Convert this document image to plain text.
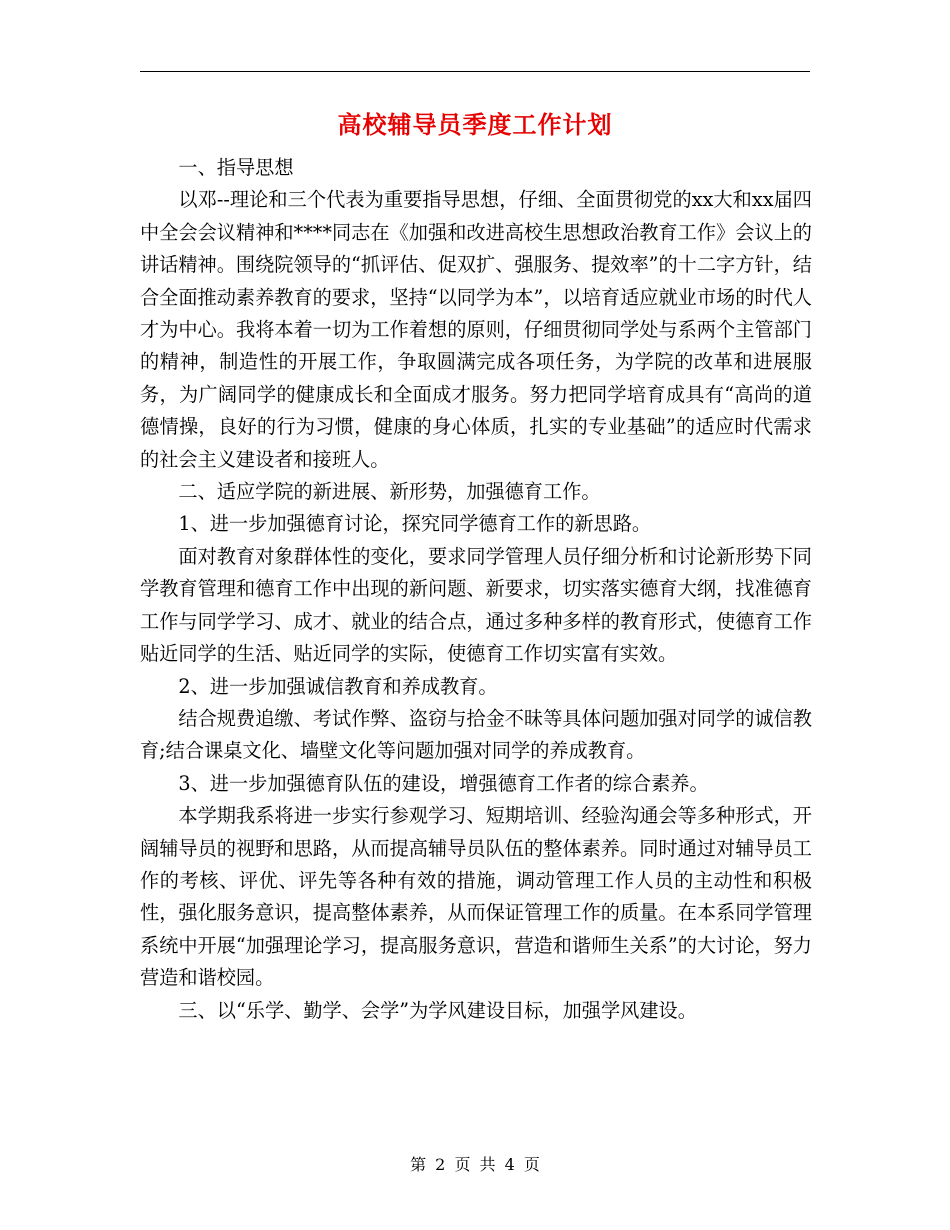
高校辅导员季度工作计划

一、指导思想

以邓--理论和三个代表为重要指导思想，仔细、全面贯彻党的xx大和xx届四中全会会议精神和****同志在《加强和改进高校生思想政治教育工作》会议上的讲话精神。围绕院领导的“抓评估、促双扩、强服务、提效率”的十二字方针，结合全面推动素养教育的要求，坚持“以同学为本”，以培育适应就业市场的时代人才为中心。我将本着一切为工作着想的原则，仔细贯彻同学处与系两个主管部门的精神，制造性的开展工作，争取圆满完成各项任务，为学院的改革和进展服务，为广阔同学的健康成长和全面成才服务。努力把同学培育成具有“高尚的道德情操，良好的行为习惯，健康的身心体质，扎实的专业基础”的适应时代需求的社会主义建设者和接班人。

二、适应学院的新进展、新形势，加强德育工作。

1、进一步加强德育讨论，探究同学德育工作的新思路。

面对教育对象群体性的变化，要求同学管理人员仔细分析和讨论新形势下同学教育管理和德育工作中出现的新问题、新要求，切实落实德育大纲，找准德育工作与同学学习、成才、就业的结合点，通过多种多样的教育形式，使德育工作贴近同学的生活、贴近同学的实际，使德育工作切实富有实效。

2、进一步加强诚信教育和养成教育。

结合规费追缴、考试作弊、盗窃与拾金不昧等具体问题加强对同学的诚信教育;结合课桌文化、墙壁文化等问题加强对同学的养成教育。

3、进一步加强德育队伍的建设，增强德育工作者的综合素养。

本学期我系将进一步实行参观学习、短期培训、经验沟通会等多种形式，开阔辅导员的视野和思路，从而提高辅导员队伍的整体素养。同时通过对辅导员工作的考核、评优、评先等各种有效的措施，调动管理工作人员的主动性和积极性，强化服务意识，提高整体素养，从而保证管理工作的质量。在本系同学管理系统中开展“加强理论学习，提高服务意识，营造和谐师生关系”的大讨论，努力营造和谐校园。

三、以“乐学、勤学、会学”为学风建设目标，加强学风建设。

第 2 页 共 4 页
